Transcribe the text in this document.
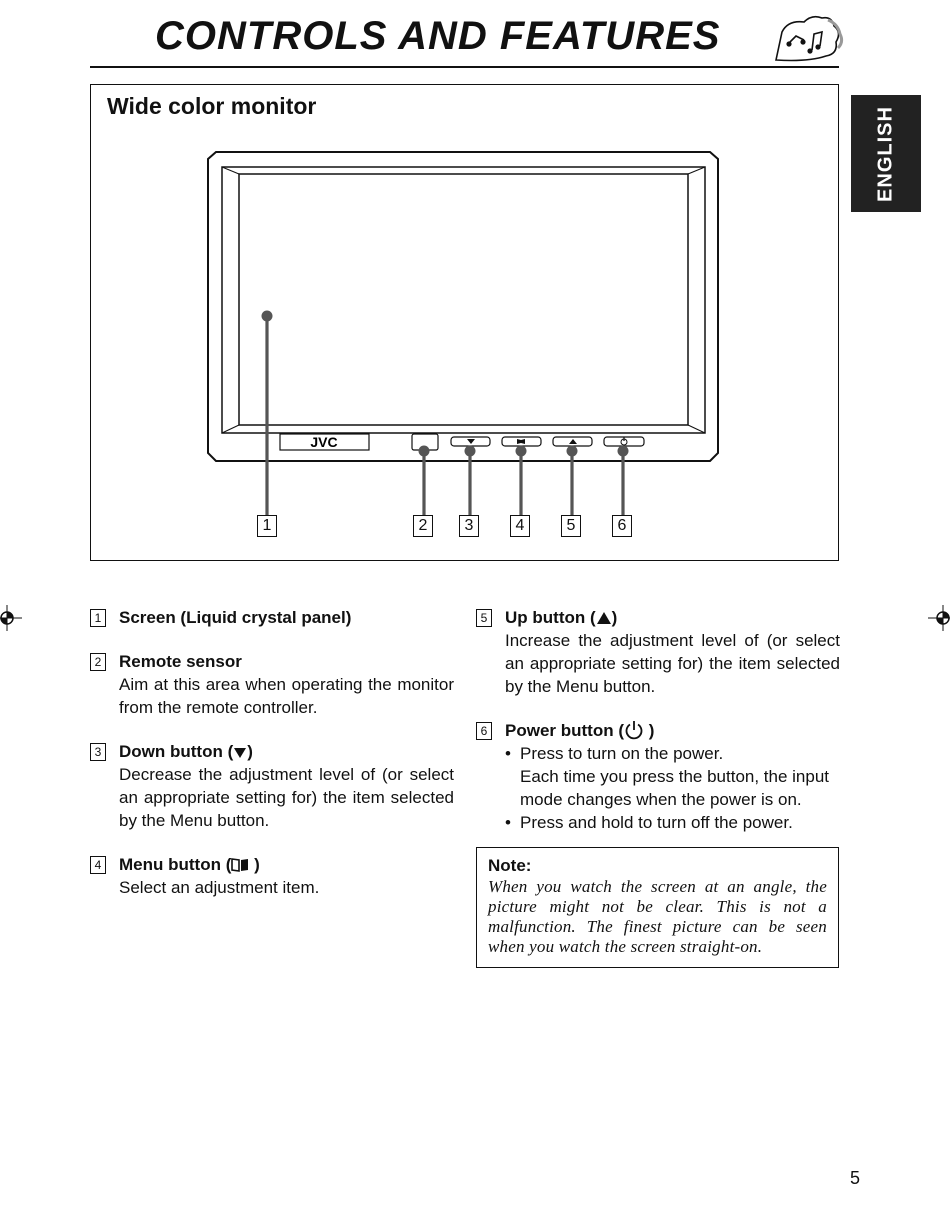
CONTROLS AND FEATURES
ENGLISH
Wide color monitor
JVC
1	2	3	4	5	6
1 Screen (Liquid crystal panel)
2 Remote sensor
Aim at this area when operating the monitor from the remote controller.
3 Down button ( )
Decrease the adjustment level of (or select an appropriate setting for) the item selected by the Menu button.
4 Menu button ( )
Select an adjustment item.
5 Up button ( )
Increase the adjustment level of (or select an appropriate setting for) the item selected by the Menu button.
6 Power button ( )
• Press to turn on the power.
Each time you press the button, the input mode changes when the power is on.
• Press and hold to turn off the power.
Note:
When you watch the screen at an angle, the picture might not be clear. This is not a malfunction. The finest picture can be seen when you watch the screen straight-on.
5
